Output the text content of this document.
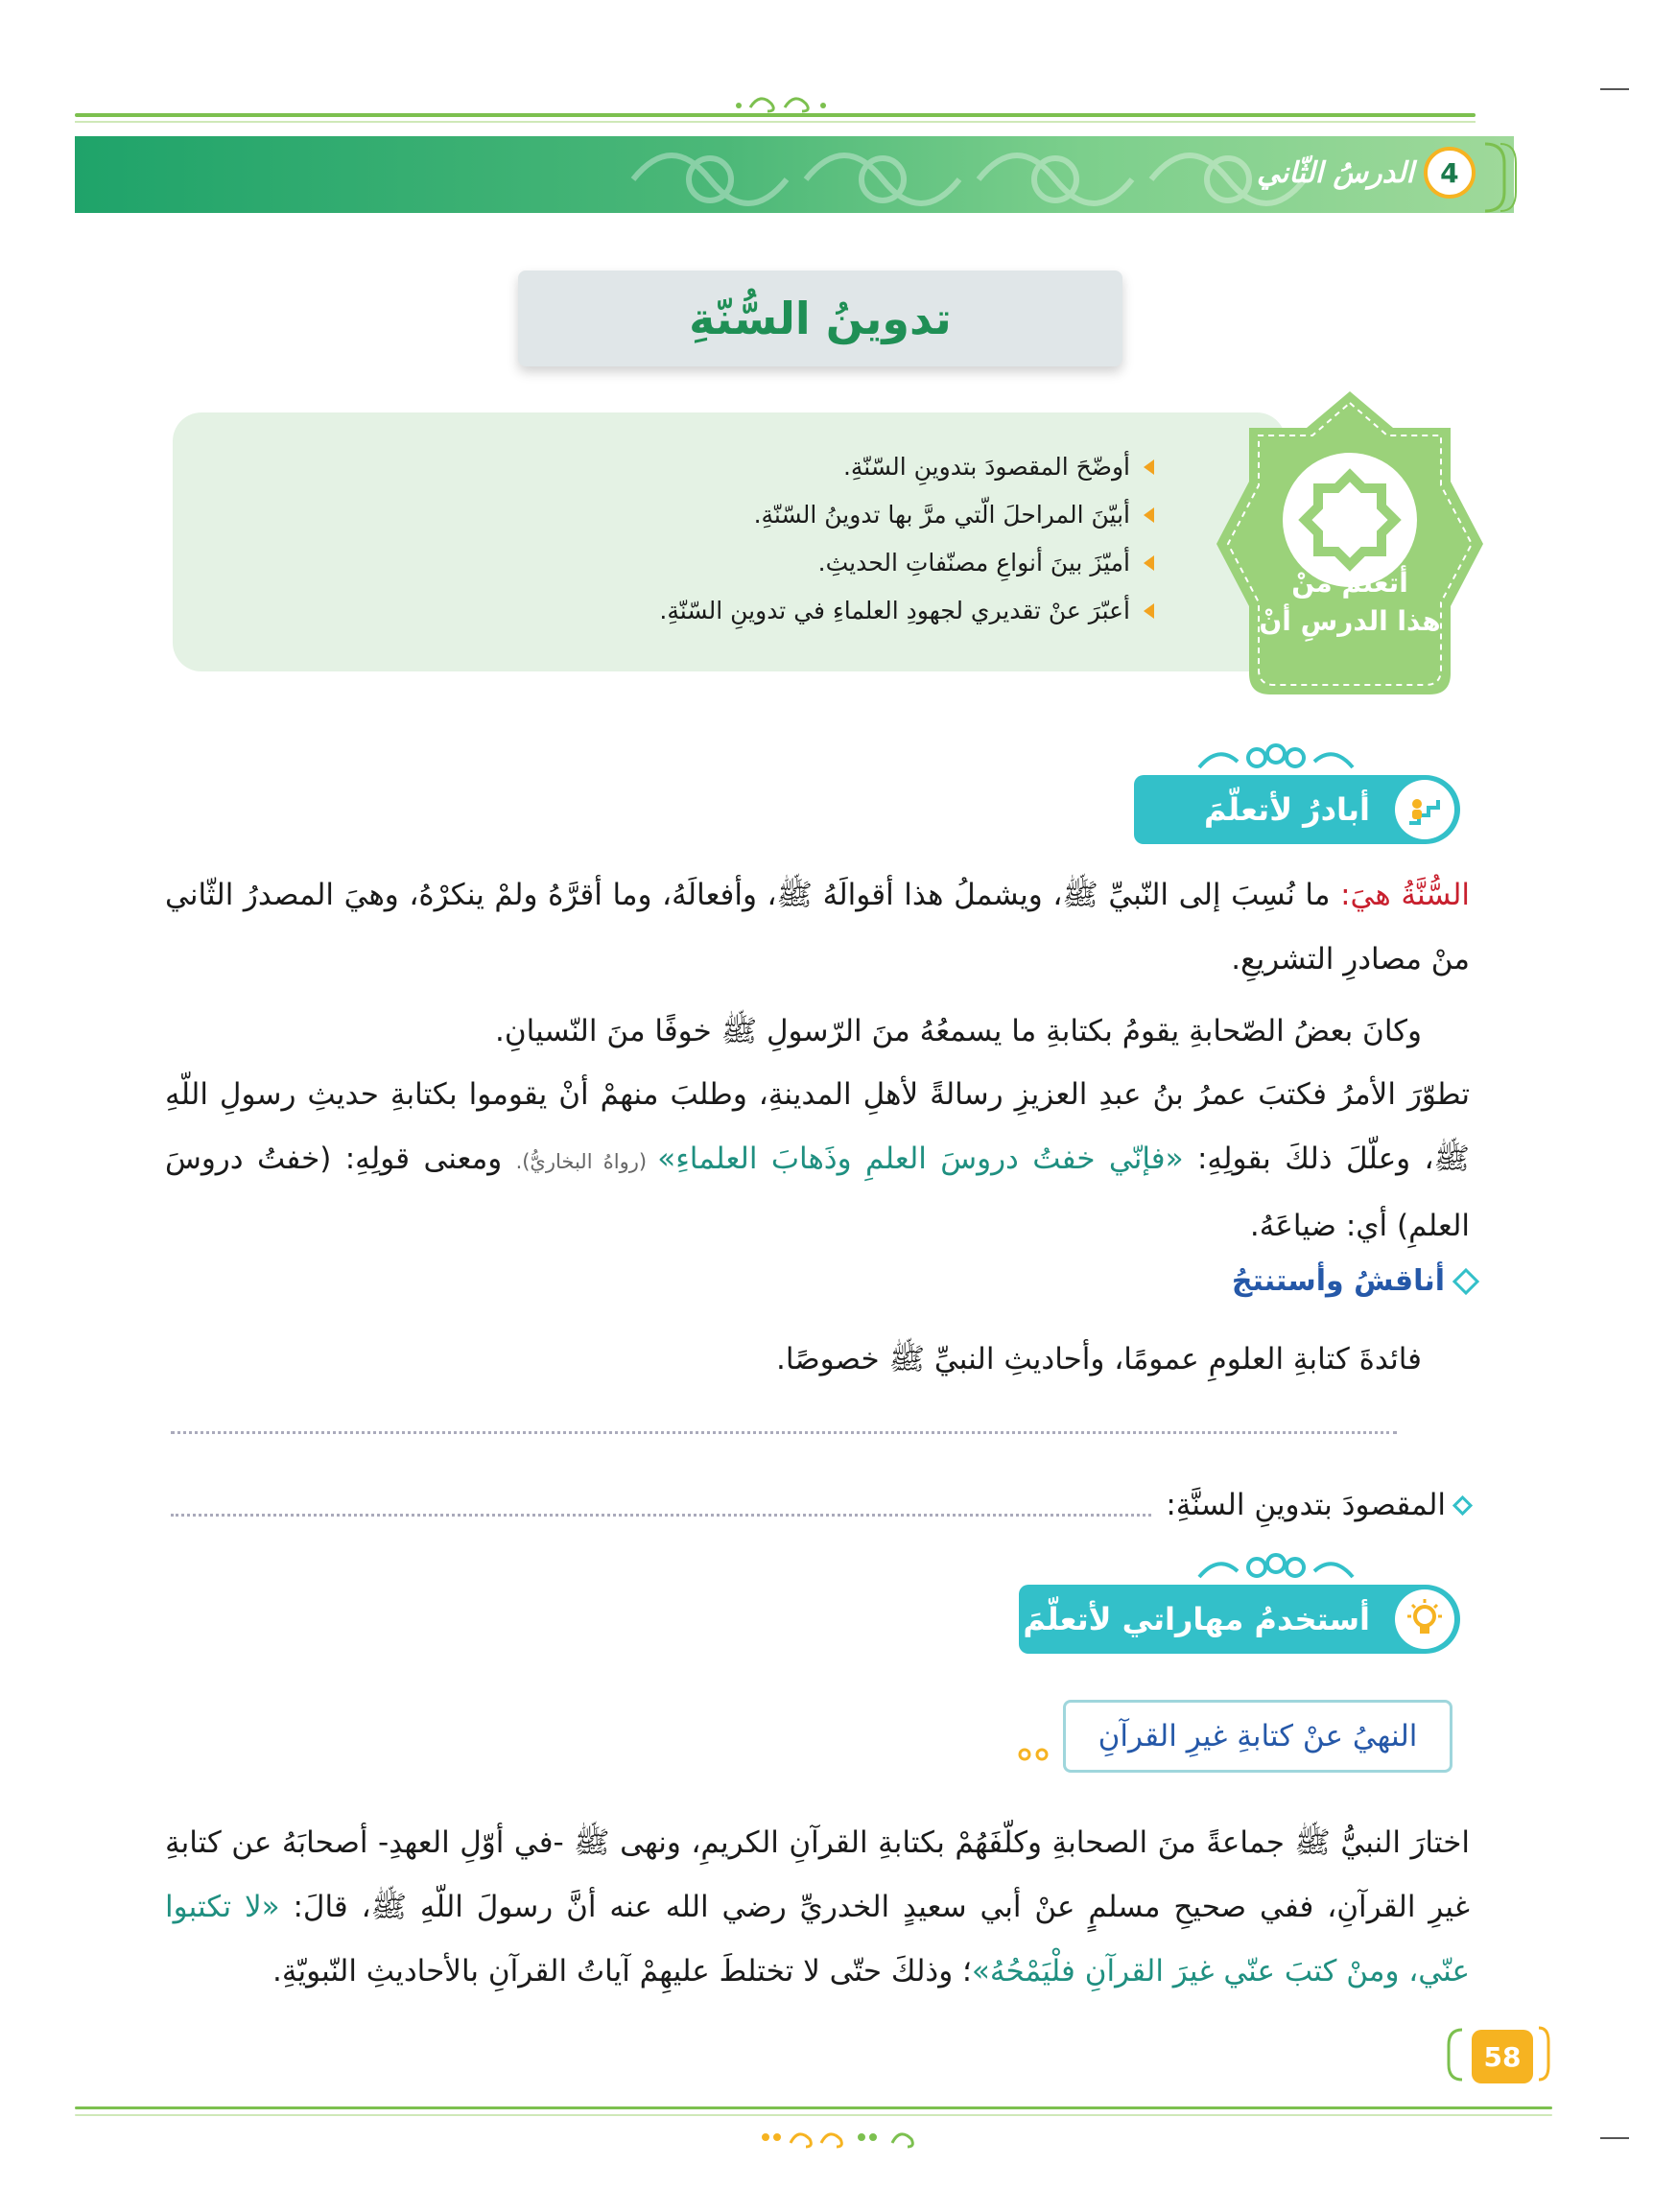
4
الدرسُ الثّاني
تدوينُ السُّنّةِ
أوضّحَ المقصودَ بتدوينِ السّنّةِ.
أبيّنَ المراحلَ الّتي مرَّ بها تدوينُ السّنّةِ.
أميّزَ بينَ أنواعِ مصنّفاتِ الحديثِ.
أعبّرَ عنْ تقديري لجهودِ العلماءِ في تدوينِ السّنّةِ.
أتعلّمُ منْ
هذا الدرسِ أنْ
أبادرُ لأتعلّمَ
السُّنَّةُ هيَ: ما نُسِبَ إلى النّبيِّ ﷺ، ويشملُ هذا أقوالَهُ ﷺ، وأفعالَهُ، وما أقرَّهُ ولمْ ينكرْهُ، وهيَ المصدرُ الثّاني منْ مصادرِ التشريعِ.
وكانَ بعضُ الصّحابةِ يقومُ بكتابةِ ما يسمعُهُ منَ الرّسولِ ﷺ خوفًا منَ النّسيانِ.
تطوّرَ الأمرُ فكتبَ عمرُ بنُ عبدِ العزيزِ رسالةً لأهلِ المدينةِ، وطلبَ منهمْ أنْ يقوموا بكتابةِ حديثِ رسولِ اللّهِ ﷺ، وعلّلَ ذلكَ بقولِهِ: «فإنّي خفتُ دروسَ العلمِ وذَهابَ العلماءِ» (رواهُ البخاريُّ). ومعنى قولِهِ: (خفتُ دروسَ العلمِ) أي: ضياعَهُ.
أناقشُ وأستنتجُ
فائدةَ كتابةِ العلومِ عمومًا، وأحاديثِ النبيِّ ﷺ خصوصًا.
المقصودَ بتدوينِ السنَّةِ:
أستخدمُ مهاراتي لأتعلّمَ
النهيُ عنْ كتابةِ غيرِ القرآنِ
اختارَ النبيُّ ﷺ جماعةً منَ الصحابةِ وكلّفَهُمْ بكتابةِ القرآنِ الكريمِ، ونهى ﷺ -في أوّلِ العهدِ- أصحابَهُ عن كتابةِ غيرِ القرآنِ، ففي صحيحِ مسلمٍ عنْ أبي سعيدٍ الخدريِّ رضي الله عنه أنَّ رسولَ اللّهِ ﷺ، قالَ: «لا تكتبوا عنّي، ومنْ كتبَ عنّي غيرَ القرآنِ فلْيَمْحُهُ»؛ وذلكَ حتّى لا تختلطَ عليهِمْ آياتُ القرآنِ بالأحاديثِ النّبويّةِ.
58
